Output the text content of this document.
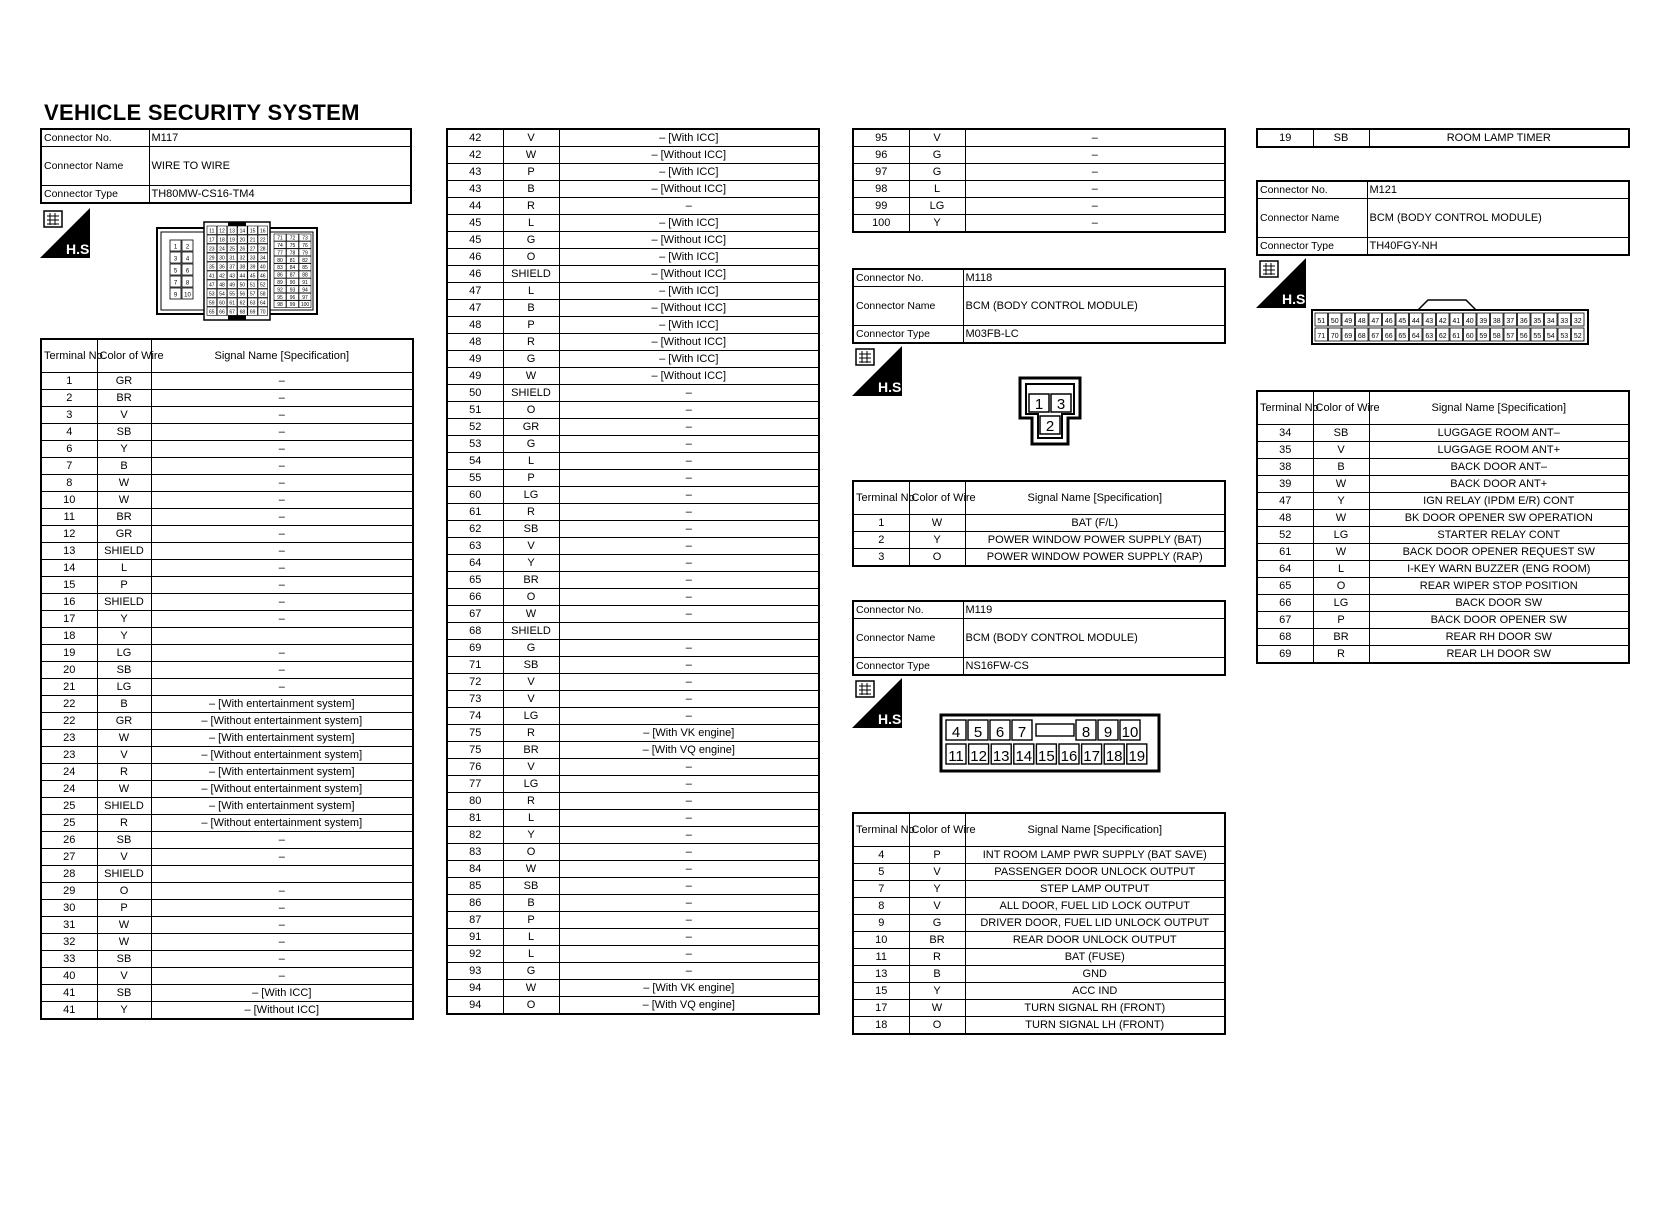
VEHICLE SECURITY SYSTEM
Connector No.	M117
Connector Name	WIRE TO WIRE
Connector Type	TH80MW-CS16-TM4
H.S.	1 2
3 4
5 6
7 8
9 10
11 12 13 14 15 16
17 18 19 20 21 22
23 24 25 26 27 28
29 30 31 32 33 34
35 36 37 38 39 40
41 42 43 44 45 46
47 48 49 50 51 52
53 54 55 56 57 58
59 60 61 62 63 64
65 66 67 68 69 70
71 72 73
74 75 76
77 78 79
80 81 82
83 84 85
86 87 88
89 90 91
92 93 94
95 96 97
98 99 100
Terminal No.	Color of Wire	Signal Name [Specification]
1	GR	–
2	BR	–
3	V	–
4	SB	–
6	Y	–
7	B	–
8	W	–
10	W	–
11	BR	–
12	GR	–
13	SHIELD	–
14	L	–
15	P	–
16	SHIELD	–
17	Y	–
18	Y	
19	LG	–
20	SB	–
21	LG	–
22	B	– [With entertainment system]
22	GR	– [Without entertainment system]
23	W	– [With entertainment system]
23	V	– [Without entertainment system]
24	R	– [With entertainment system]
24	W	– [Without entertainment system]
25	SHIELD	– [With entertainment system]
25	R	– [Without entertainment system]
26	SB	–
27	V	–
28	SHIELD	
29	O	–
30	P	–
31	W	–
32	W	–
33	SB	–
40	V	–
41	SB	– [With ICC]
41	Y	– [Without ICC]
42	V	– [With ICC]
42	W	– [Without ICC]
43	P	– [With ICC]
43	B	– [Without ICC]
44	R	–
45	L	– [With ICC]
45	G	– [Without ICC]
46	O	– [With ICC]
46	SHIELD	– [Without ICC]
47	L	– [With ICC]
47	B	– [Without ICC]
48	P	– [With ICC]
48	R	– [Without ICC]
49	G	– [With ICC]
49	W	– [Without ICC]
50	SHIELD	–
51	O	–
52	GR	–
53	G	–
54	L	–
55	P	–
60	LG	–
61	R	–
62	SB	–
63	V	–
64	Y	–
65	BR	–
66	O	–
67	W	–
68	SHIELD	
69	G	–
71	SB	–
72	V	–
73	V	–
74	LG	–
75	R	– [With VK engine]
75	BR	– [With VQ engine]
76	V	–
77	LG	–
80	R	–
81	L	–
82	Y	–
83	O	–
84	W	–
85	SB	–
86	B	–
87	P	–
91	L	–
92	L	–
93	G	–
94	W	– [With VK engine]
94	O	– [With VQ engine]
95	V	–
96	G	–
97	G	–
98	L	–
99	LG	–
100	Y	–
Connector No.	M118
Connector Name	BCM (BODY CONTROL MODULE)
Connector Type	M03FB-LC
H.S.
1 3
2
Terminal No.	Color of Wire	Signal Name [Specification]
1	W	BAT (F/L)
2	Y	POWER WINDOW POWER SUPPLY (BAT)
3	O	POWER WINDOW POWER SUPPLY (RAP)
Connector No.	M119
Connector Name	BCM (BODY CONTROL MODULE)
Connector Type	NS16FW-CS
H.S.
4 5 6 7	8 9 10
11 12 13 14 15 16 17 18 19
Terminal No.	Color of Wire	Signal Name [Specification]
4	P	INT ROOM LAMP PWR SUPPLY (BAT SAVE)
5	V	PASSENGER DOOR UNLOCK OUTPUT
7	Y	STEP LAMP OUTPUT
8	V	ALL DOOR, FUEL LID LOCK OUTPUT
9	G	DRIVER DOOR, FUEL LID UNLOCK OUTPUT
10	BR	REAR DOOR UNLOCK OUTPUT
11	R	BAT (FUSE)
13	B	GND
15	Y	ACC IND
17	W	TURN SIGNAL RH (FRONT)
18	O	TURN SIGNAL LH (FRONT)
19	SB	ROOM LAMP TIMER
Connector No.	M121
Connector Name	BCM (BODY CONTROL MODULE)
Connector Type	TH40FGY-NH
H.S.
51 50 49 48 47 46 45 44 43 42 41 40 39 38 37 36 35 34 33 32
71 70 69 68 67 66 65 64 63 62 61 60 59 58 57 56 55 54 53 52
Terminal No.	Color of Wire	Signal Name [Specification]
34	SB	LUGGAGE ROOM ANT–
35	V	LUGGAGE ROOM ANT+
38	B	BACK DOOR ANT–
39	W	BACK DOOR ANT+
47	Y	IGN RELAY (IPDM E/R) CONT
48	W	BK DOOR OPENER SW OPERATION
52	LG	STARTER RELAY CONT
61	W	BACK DOOR OPENER REQUEST SW
64	L	I-KEY WARN BUZZER (ENG ROOM)
65	O	REAR WIPER STOP POSITION
66	LG	BACK DOOR SW
67	P	BACK DOOR OPENER SW
68	BR	REAR RH DOOR SW
69	R	REAR LH DOOR SW
